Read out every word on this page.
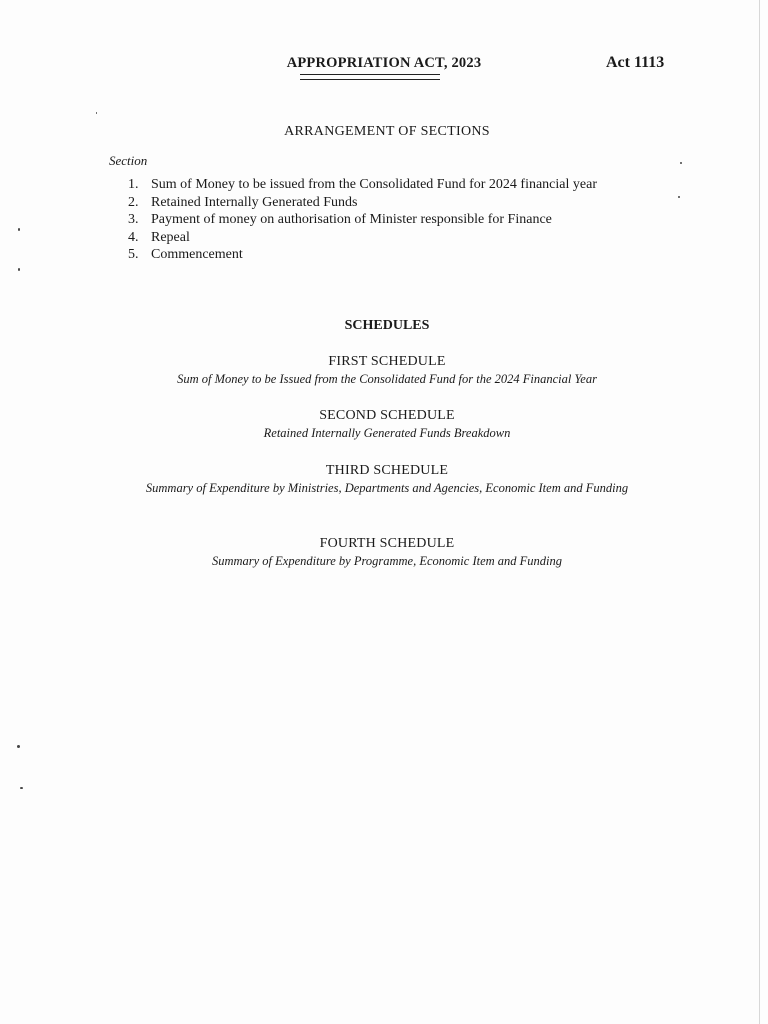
APPROPRIATION ACT, 2023	Act 1113
ARRANGEMENT OF SECTIONS
Section
1. Sum of Money to be issued from the Consolidated Fund for 2024 financial year
2. Retained Internally Generated Funds
3. Payment of money on authorisation of Minister responsible for Finance
4. Repeal
5. Commencement
SCHEDULES
FIRST SCHEDULE
Sum of Money to be Issued from the Consolidated Fund for the 2024 Financial Year
SECOND SCHEDULE
Retained Internally Generated Funds Breakdown
THIRD SCHEDULE
Summary of Expenditure by Ministries, Departments and Agencies, Economic Item and Funding
FOURTH SCHEDULE
Summary of Expenditure by Programme, Economic Item and Funding
